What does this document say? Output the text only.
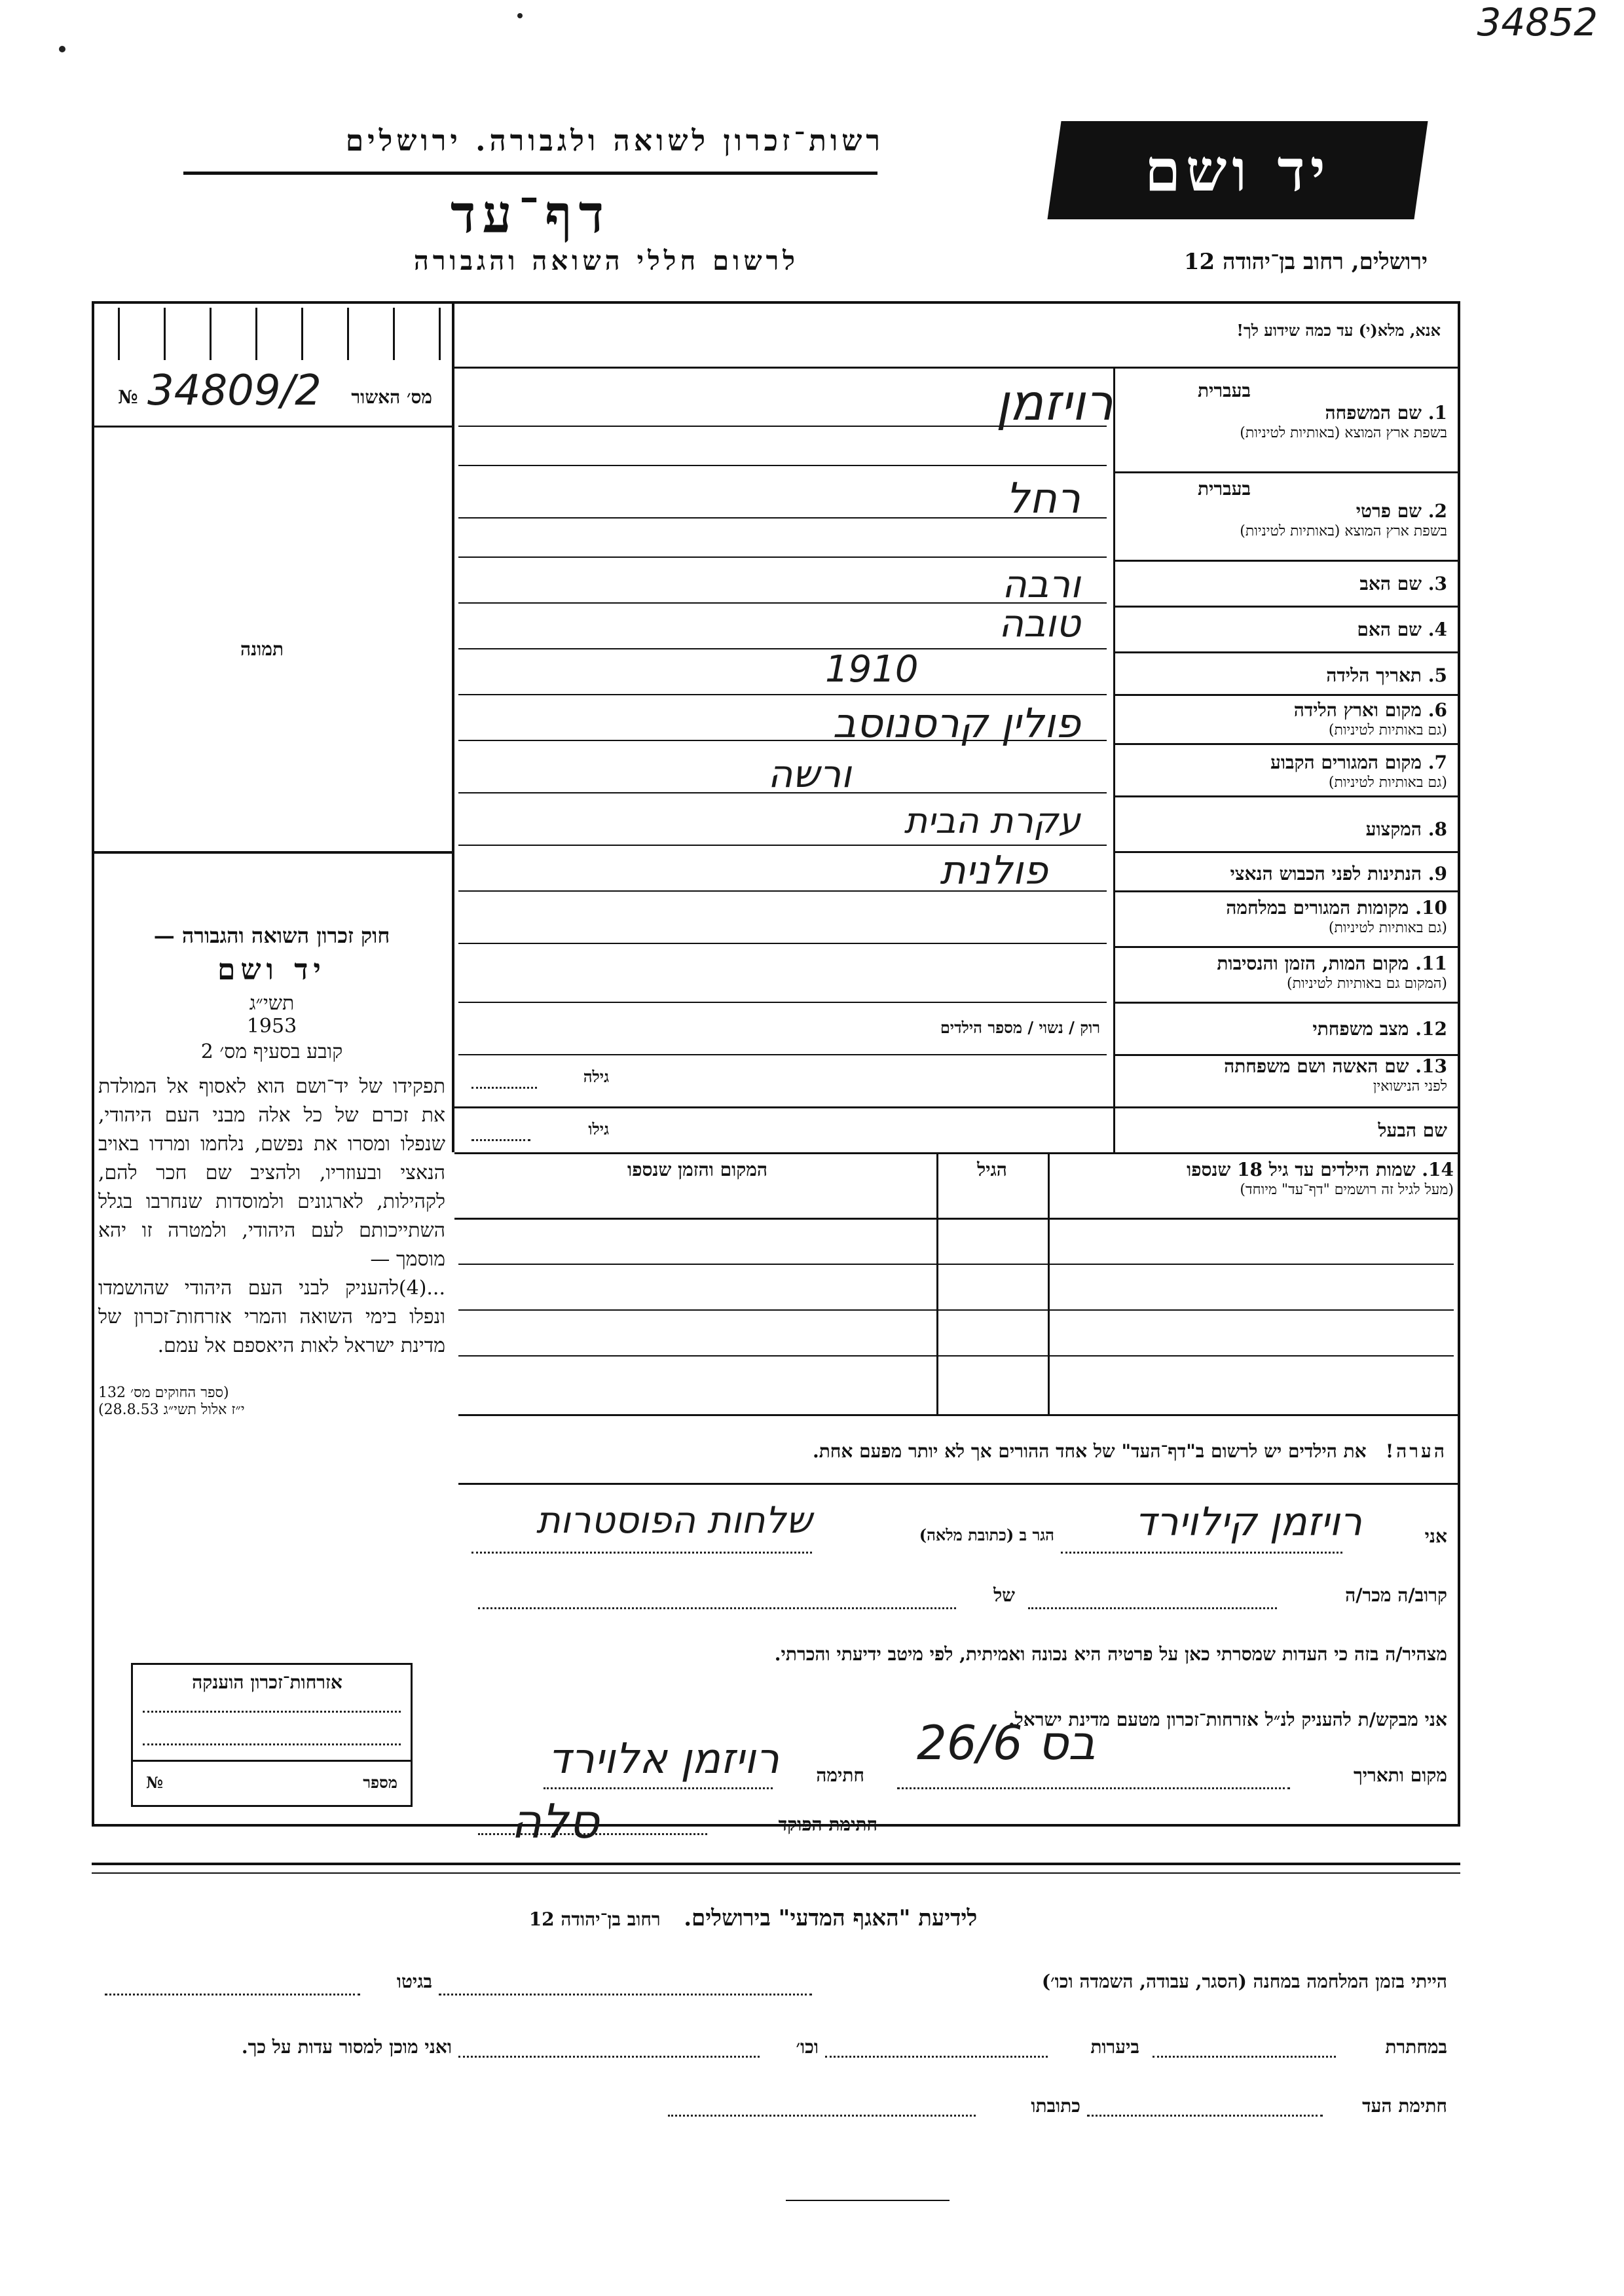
34852
רשות־זכרון לשואה ולגבורה. ירושלים
דף־עד
לרשום חללי השואה והגבורה
יד ושם
ירושלים, רחוב בן־יהודה 12
מס׳ האשור
№ 34809/2
תמונה
חוק זכרון השואה והגבורה —
יד ושם
תשי״ג
1953
קובע בסעיף מס׳ 2
תפקידו של יד־ושם הוא לאסוף אל המולדת את זכרם של כל אלה מבני העם היהודי, שנפלו ומסרו את נפשם, נלחמו ומרדו באויב הנאצי ובעוזריו, ולהציב שם חכר להם, לקהילות, לארגונים ולמוסדות שנחרבו בגלל השתייכותם לעם היהודי, ולמטרה זו יהא מוסמך —
...(4)להעניק לבני העם היהודי שהושמדו ונפלו בימי השואה והמרי אזרחות־זכרון של מדינת ישראל לאות היאספם אל עמם.
(ספר החוקים מס׳ 132
י״ז אלול תשי״ג 28.8.53)
אנא, מלא(י) עד כמה שידוע לך!
בעברית
1. שם המשפחה
בשפת ארץ המוצא (באותיות לטיניות)
בעברית
2. שם פרטי
בשפת ארץ המוצא (באותיות לטיניות)
3. שם האב
4. שם האם
5. תאריך הלידה
6. מקום וארץ הלידה
(גם באותיות לטיניות)
7. מקום המגורים הקבוע
(גם באותיות לטיניות)
8. המקצוע
9. הנתינות לפני הכבוש הנאצי
10. מקומות המגורים במלחמה
(גם באותיות לטיניות)
11. מקום המות, הזמן והנסיבות
(המקום גם באותיות לטיניות)
12. מצב משפחתי
13. שם האשה ושם משפחתה
לפני הנישואין
שם הבעל
רוק / נשוי / מספר הילדים
גילה
גילו
רויזמן
רחל
ורבה
טובה
1910
פולין קרסנוסב
ורשה
עקרת הבית
פולנית
14. שמות הילדים עד גיל 18 שנספו
(מעל לגיל זה רושמים "דף־עד" מיוחד)
הגיל
המקום והזמן שנספו
הערה!   את הילדים יש לרשום ב"דף־העד" של אחד ההורים אך לא יותר מפעם אחת.
אני
רויזמן קילוירד
הגר ב (כתובת מלאה)
שלחות הפוסטרות
קרוב/ה מכר/ה
של
מצהיר/ה בזה כי העדות שמסרתי כאן על פרטיה היא נכונה ואמיתית, לפי מיטב ידיעתי והכרתי.
אני מבקש/ת להעניק לנ״ל אזרחות־זכרון מטעם מדינת ישראל.
מקום ותאריך
26/6 בס
חתימה
רויזמן אלוירד
חתימת הפוקד
סלה
אזרחות־זכרון הוענקה
מספר
№
לידיעת "האגף המדעי" בירושלים.   רחוב בן־יהודה 12
הייתי בזמן המלחמה במחנה (הסגר, עבודה, השמדה וכו׳)
בגיטו
במחתרת
ביערות
וכו׳
ואני מוכן למסור עדות על כך.
חתימת העד
כתובתו
